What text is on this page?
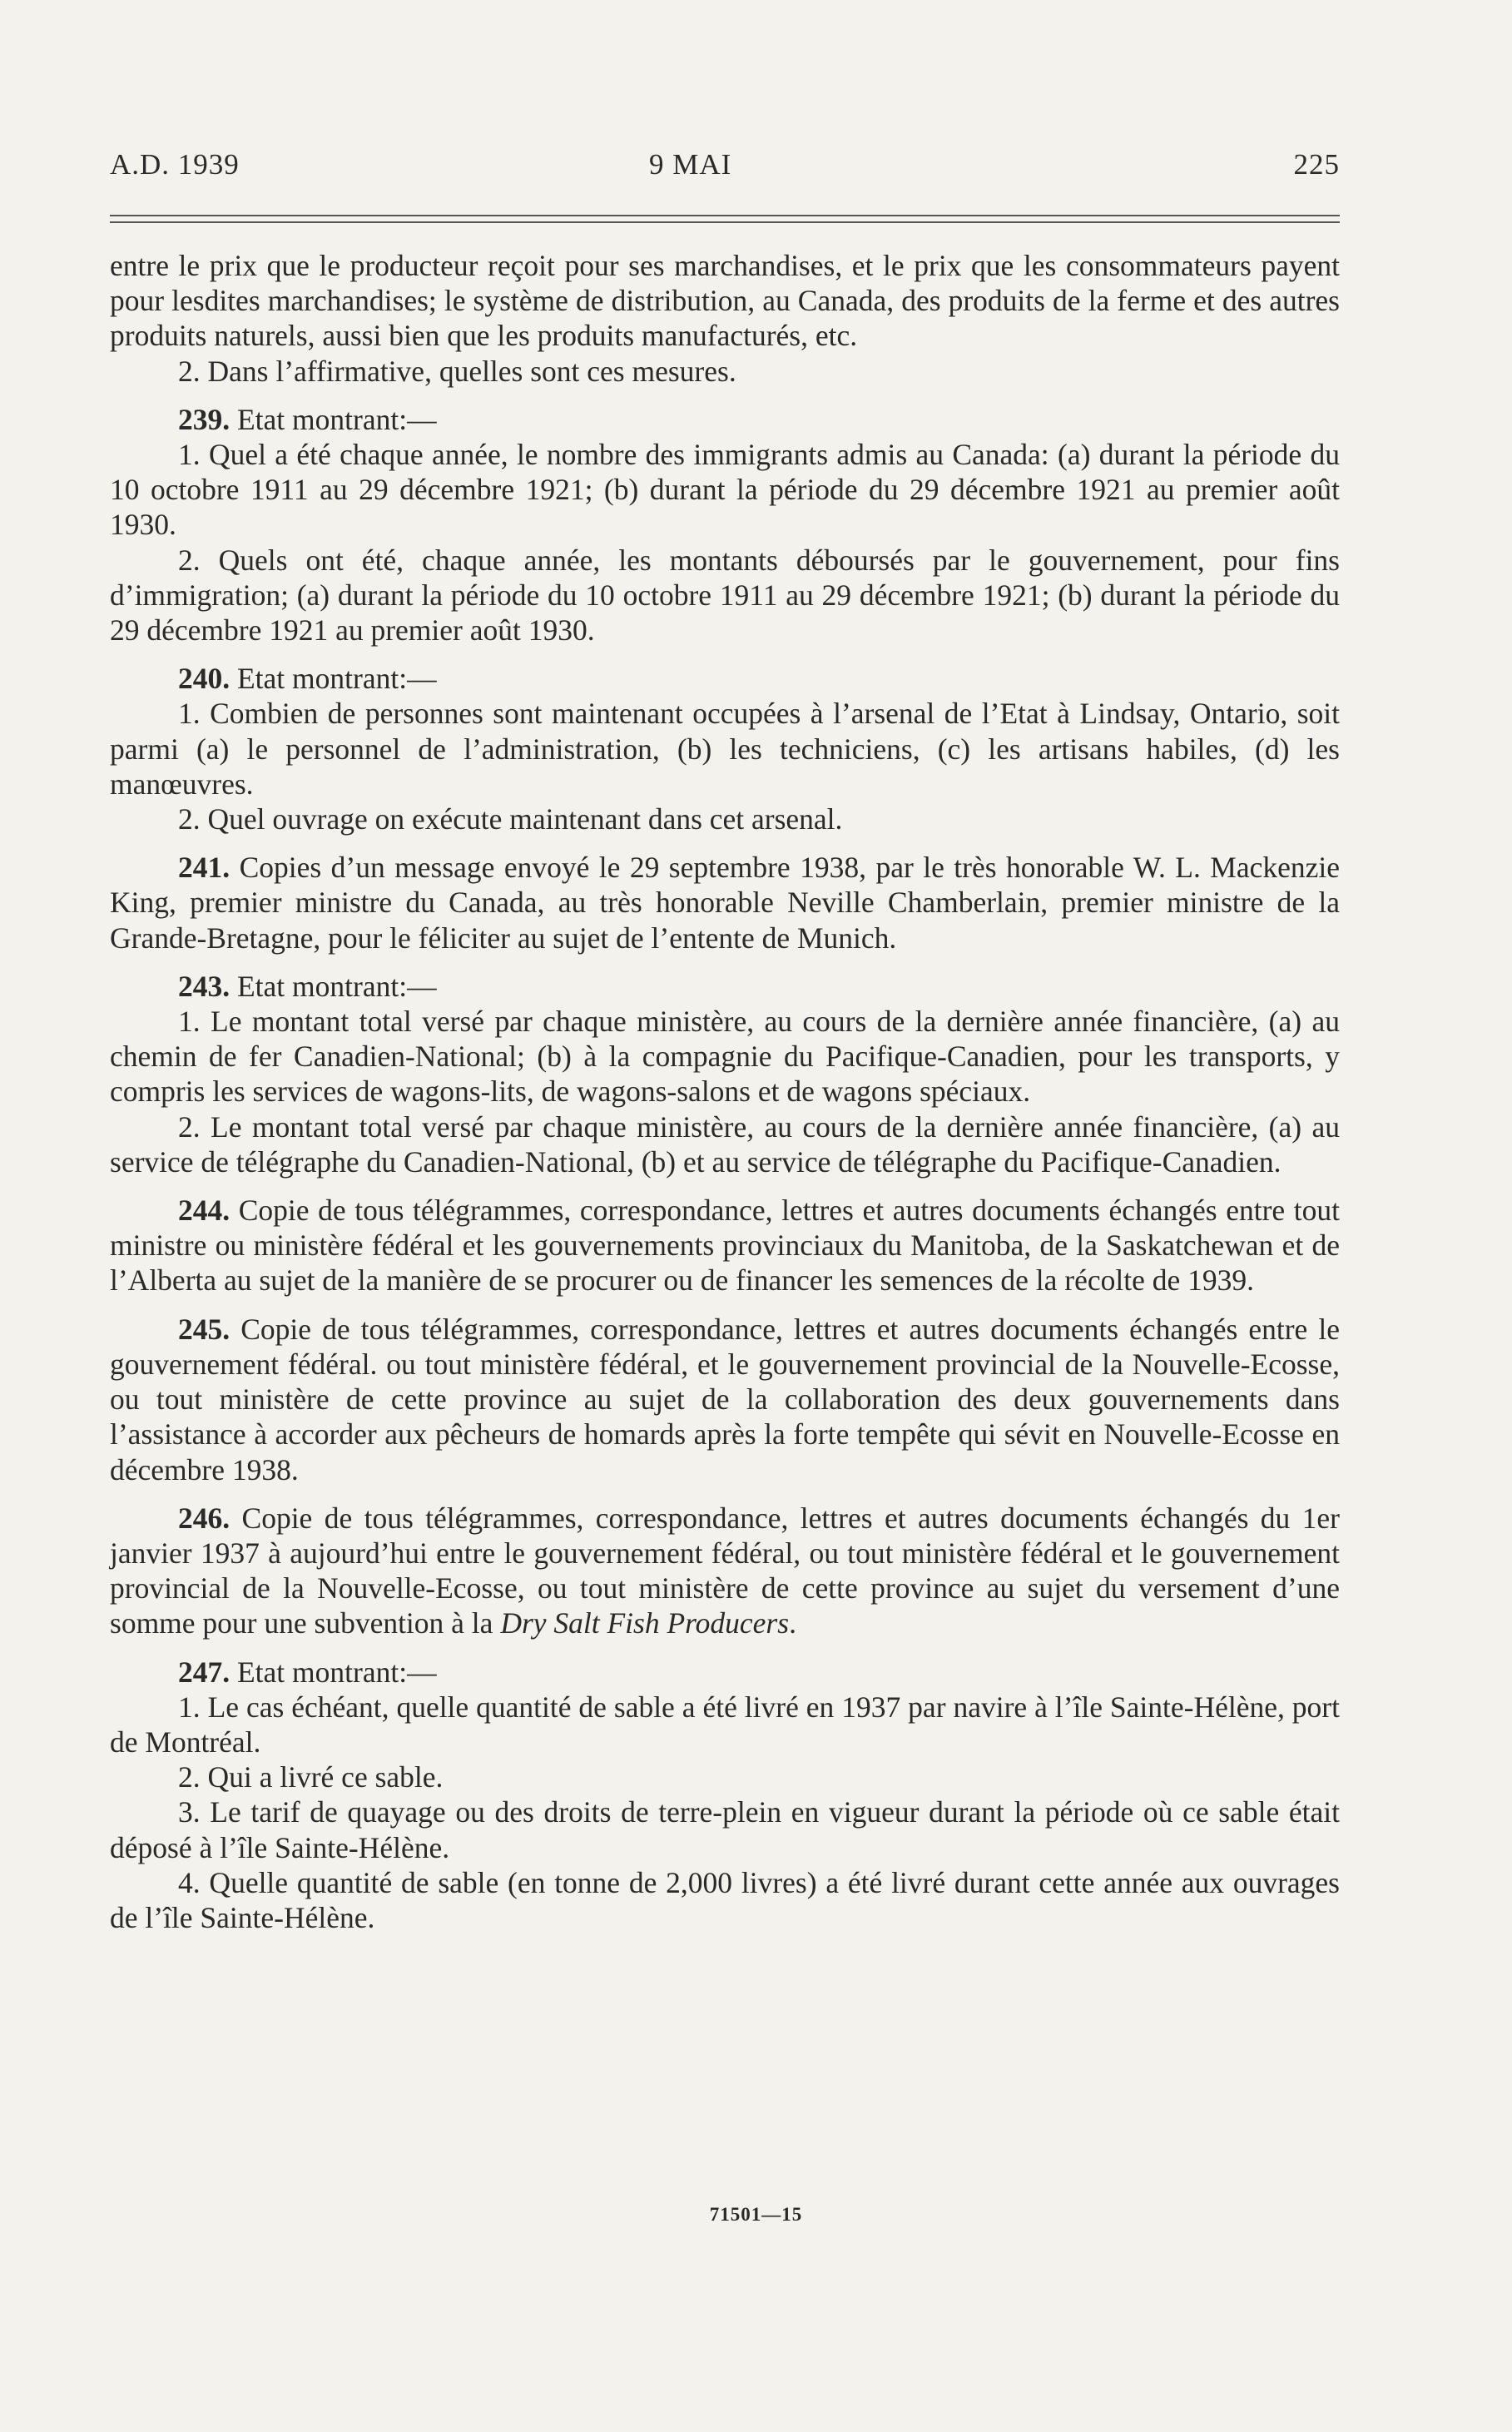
A.D. 1939	9 MAI	225

entre le prix que le producteur reçoit pour ses marchandises, et le prix que les consommateurs payent pour lesdites marchandises; le système de distribution, au Canada, des produits de la ferme et des autres produits naturels, aussi bien que les produits manufacturés, etc.

2. Dans l’affirmative, quelles sont ces mesures.

239. Etat montrant:—

1. Quel a été chaque année, le nombre des immigrants admis au Canada: (a) durant la période du 10 octobre 1911 au 29 décembre 1921; (b) durant la période du 29 décembre 1921 au premier août 1930.

2. Quels ont été, chaque année, les montants déboursés par le gouvernement, pour fins d’immigration; (a) durant la période du 10 octobre 1911 au 29 décembre 1921; (b) durant la période du 29 décembre 1921 au premier août 1930.

240. Etat montrant:—

1. Combien de personnes sont maintenant occupées à l’arsenal de l’Etat à Lindsay, Ontario, soit parmi (a) le personnel de l’administration, (b) les techniciens, (c) les artisans habiles, (d) les manœuvres.

2. Quel ouvrage on exécute maintenant dans cet arsenal.

241. Copies d’un message envoyé le 29 septembre 1938, par le très honorable W. L. Mackenzie King, premier ministre du Canada, au très honorable Neville Chamberlain, premier ministre de la Grande-Bretagne, pour le féliciter au sujet de l’entente de Munich.

243. Etat montrant:—

1. Le montant total versé par chaque ministère, au cours de la dernière année financière, (a) au chemin de fer Canadien-National; (b) à la compagnie du Pacifique-Canadien, pour les transports, y compris les services de wagons-lits, de wagons-salons et de wagons spéciaux.

2. Le montant total versé par chaque ministère, au cours de la dernière année financière, (a) au service de télégraphe du Canadien-National, (b) et au service de télégraphe du Pacifique-Canadien.

244. Copie de tous télégrammes, correspondance, lettres et autres documents échangés entre tout ministre ou ministère fédéral et les gouvernements provinciaux du Manitoba, de la Saskatchewan et de l’Alberta au sujet de la manière de se procurer ou de financer les semences de la récolte de 1939.

245. Copie de tous télégrammes, correspondance, lettres et autres documents échangés entre le gouvernement fédéral. ou tout ministère fédéral, et le gouvernement provincial de la Nouvelle-Ecosse, ou tout ministère de cette province au sujet de la collaboration des deux gouvernements dans l’assistance à accorder aux pêcheurs de homards après la forte tempête qui sévit en Nouvelle-Ecosse en décembre 1938.

246. Copie de tous télégrammes, correspondance, lettres et autres documents échangés du 1er janvier 1937 à aujourd’hui entre le gouvernement fédéral, ou tout ministère fédéral et le gouvernement provincial de la Nouvelle-Ecosse, ou tout ministère de cette province au sujet du versement d’une somme pour une subvention à la Dry Salt Fish Producers.

247. Etat montrant:—

1. Le cas échéant, quelle quantité de sable a été livré en 1937 par navire à l’île Sainte-Hélène, port de Montréal.

2. Qui a livré ce sable.

3. Le tarif de quayage ou des droits de terre-plein en vigueur durant la période où ce sable était déposé à l’île Sainte-Hélène.

4. Quelle quantité de sable (en tonne de 2,000 livres) a été livré durant cette année aux ouvrages de l’île Sainte-Hélène.

71501—15
